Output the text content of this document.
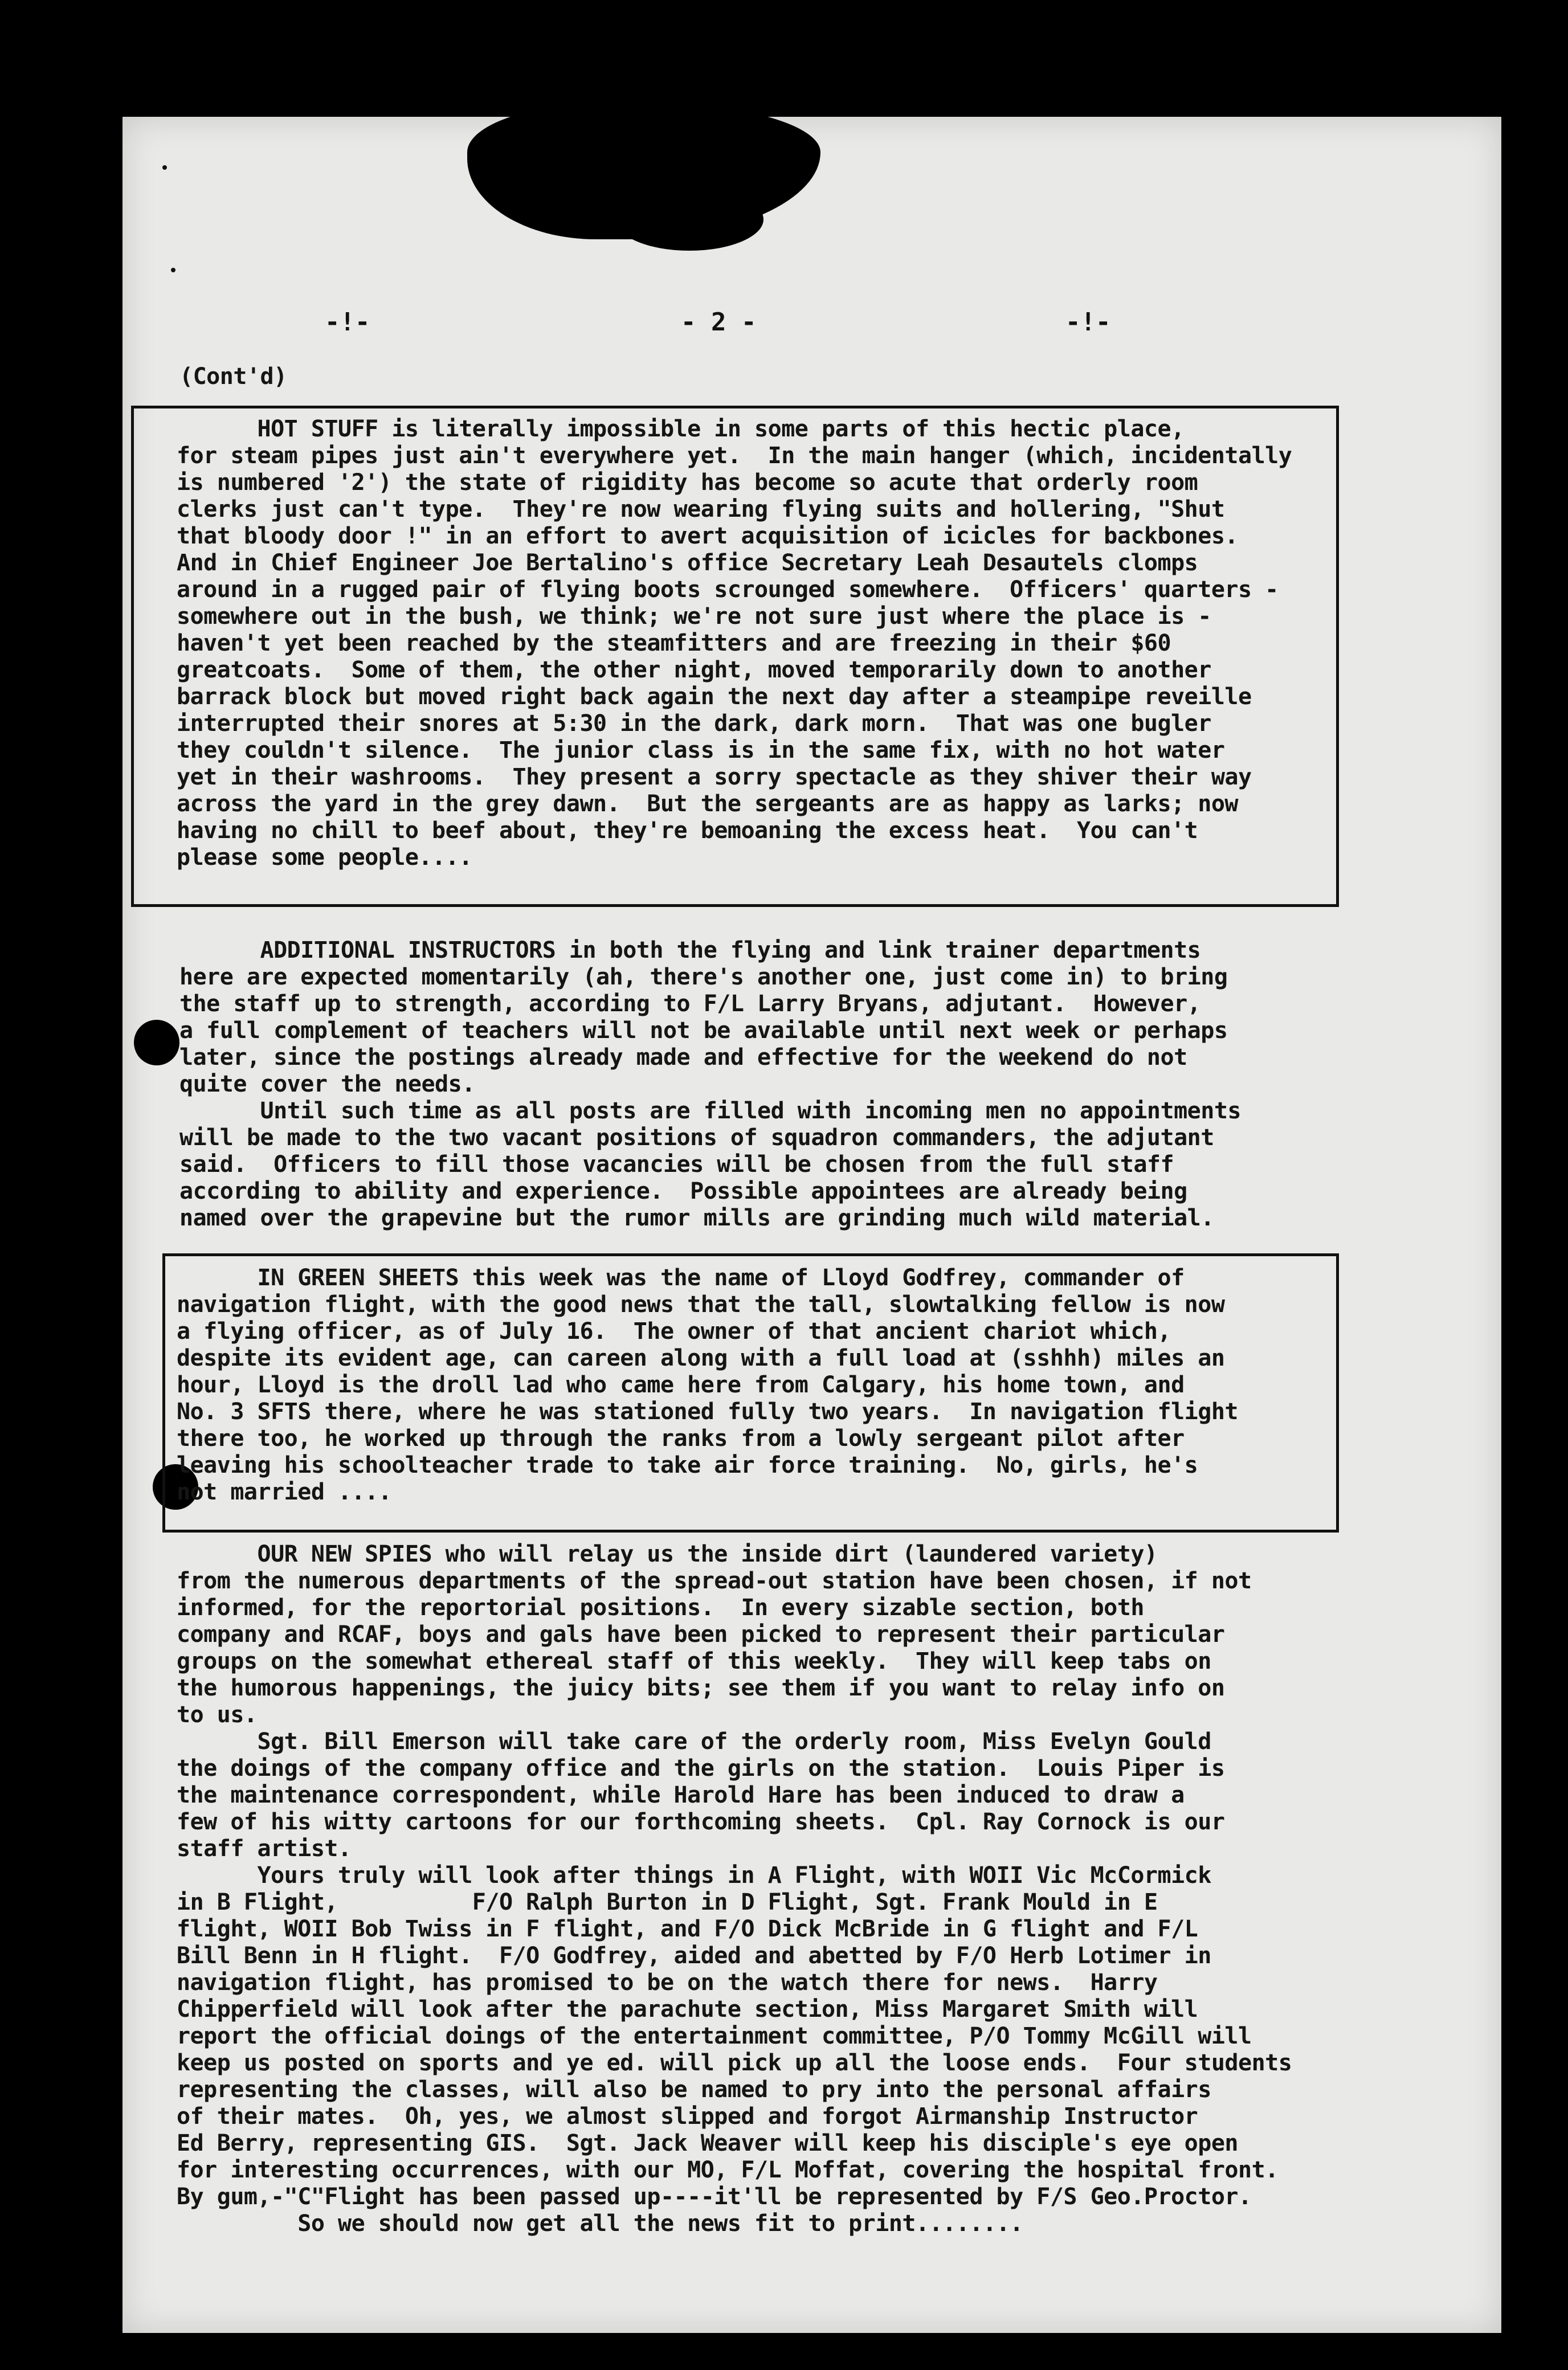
-!-	- 2 -	-!-
(Cont'd)
HOT STUFF is literally impossible in some parts of this hectic place,
for steam pipes just ain't everywhere yet.  In the main hanger (which, incidentally
is numbered '2') the state of rigidity has become so acute that orderly room
clerks just can't type.  They're now wearing flying suits and hollering, "Shut
that bloody door !" in an effort to avert acquisition of icicles for backbones.
And in Chief Engineer Joe Bertalino's office Secretary Leah Desautels clomps
around in a rugged pair of flying boots scrounged somewhere.  Officers' quarters -
somewhere out in the bush, we think; we're not sure just where the place is -
haven't yet been reached by the steamfitters and are freezing in their $60
greatcoats.  Some of them, the other night, moved temporarily down to another
barrack block but moved right back again the next day after a steampipe reveille
interrupted their snores at 5:30 in the dark, dark morn.  That was one bugler
they couldn't silence.  The junior class is in the same fix, with no hot water
yet in their washrooms.  They present a sorry spectacle as they shiver their way
across the yard in the grey dawn.  But the sergeants are as happy as larks; now
having no chill to beef about, they're bemoaning the excess heat.  You can't
please some people....
ADDITIONAL INSTRUCTORS in both the flying and link trainer departments
here are expected momentarily (ah, there's another one, just come in) to bring
the staff up to strength, according to F/L Larry Bryans, adjutant.  However,
a full complement of teachers will not be available until next week or perhaps
later, since the postings already made and effective for the weekend do not
quite cover the needs.
Until such time as all posts are filled with incoming men no appointments
will be made to the two vacant positions of squadron commanders, the adjutant
said.  Officers to fill those vacancies will be chosen from the full staff
according to ability and experience.  Possible appointees are already being
named over the grapevine but the rumor mills are grinding much wild material.
IN GREEN SHEETS this week was the name of Lloyd Godfrey, commander of
navigation flight, with the good news that the tall, slowtalking fellow is now
a flying officer, as of July 16.  The owner of that ancient chariot which,
despite its evident age, can careen along with a full load at (sshhh) miles an
hour, Lloyd is the droll lad who came here from Calgary, his home town, and
No. 3 SFTS there, where he was stationed fully two years.  In navigation flight
there too, he worked up through the ranks from a lowly sergeant pilot after
leaving his schoolteacher trade to take air force training.  No, girls, he's
not married ....
OUR NEW SPIES who will relay us the inside dirt (laundered variety)
from the numerous departments of the spread-out station have been chosen, if not
informed, for the reportorial positions.  In every sizable section, both
company and RCAF, boys and gals have been picked to represent their particular
groups on the somewhat ethereal staff of this weekly.  They will keep tabs on
the humorous happenings, the juicy bits; see them if you want to relay info on
to us.
Sgt. Bill Emerson will take care of the orderly room, Miss Evelyn Gould
the doings of the company office and the girls on the station.  Louis Piper is
the maintenance correspondent, while Harold Hare has been induced to draw a
few of his witty cartoons for our forthcoming sheets.  Cpl. Ray Cornock is our
staff artist.
Yours truly will look after things in A Flight, with WOII Vic McCormick
in B Flight,          F/O Ralph Burton in D Flight, Sgt. Frank Mould in E
flight, WOII Bob Twiss in F flight, and F/O Dick McBride in G flight and F/L
Bill Benn in H flight.  F/O Godfrey, aided and abetted by F/O Herb Lotimer in
navigation flight, has promised to be on the watch there for news.  Harry
Chipperfield will look after the parachute section, Miss Margaret Smith will
report the official doings of the entertainment committee, P/O Tommy McGill will
keep us posted on sports and ye ed. will pick up all the loose ends.  Four students
representing the classes, will also be named to pry into the personal affairs
of their mates.  Oh, yes, we almost slipped and forgot Airmanship Instructor
Ed Berry, representing GIS.  Sgt. Jack Weaver will keep his disciple's eye open
for interesting occurrences, with our MO, F/L Moffat, covering the hospital front.
By gum,-"C"Flight has been passed up----it'll be represented by F/S Geo.Proctor.
So we should now get all the news fit to print........
